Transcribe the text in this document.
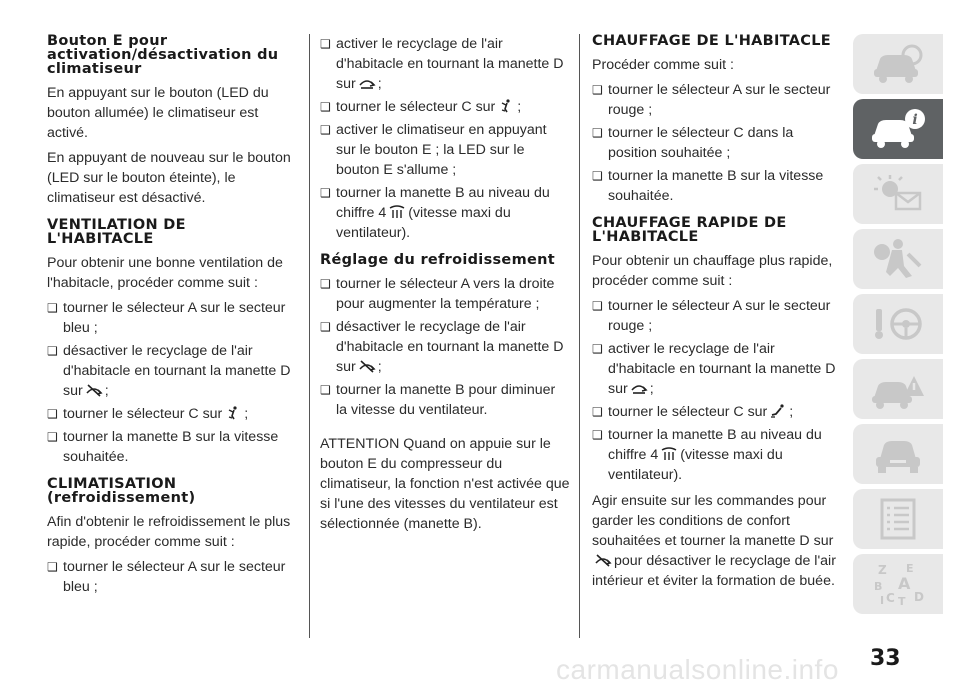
Bouton E pour activation/désactivation du climatiseur

En appuyant sur le bouton (LED du bouton allumée) le climatiseur est activé.

En appuyant de nouveau sur le bouton (LED sur le bouton éteinte), le climatiseur est désactivé.

VENTILATION DE L'HABITACLE

Pour obtenir une bonne ventilation de l'habitacle, procéder comme suit :

❑ tourner le sélecteur A sur le secteur bleu ;
❑ désactiver le recyclage de l'air d'habitacle en tournant la manette D sur ;
❑ tourner le sélecteur C sur ;
❑ tourner la manette B sur la vitesse souhaitée.
CLIMATISATION (refroidissement)

Afin d'obtenir le refroidissement le plus rapide, procéder comme suit :

❑ tourner le sélecteur A sur le secteur bleu ;
❑ activer le recyclage de l'air d'habitacle en tournant la manette D sur ;
❑ tourner le sélecteur C sur ;
❑ activer le climatiseur en appuyant sur le bouton E ; la LED sur le bouton E s'allume ;
❑ tourner la manette B au niveau du chiffre 4 (vitesse maxi du ventilateur).
Réglage du refroidissement
❑ tourner le sélecteur A vers la droite pour augmenter la température ;
❑ désactiver le recyclage de l'air d'habitacle en tournant la manette D sur ;
❑ tourner la manette B pour diminuer la vitesse du ventilateur.

ATTENTION Quand on appuie sur le bouton E du compresseur du climatiseur, la fonction n'est activée que si l'une des vitesses du ventilateur est sélectionnée (manette B).

CHAUFFAGE DE L'HABITACLE

Procéder comme suit :

❑ tourner le sélecteur A sur le secteur rouge ;
❑ tourner le sélecteur C dans la position souhaitée ;
❑ tourner la manette B sur la vitesse souhaitée.
CHAUFFAGE RAPIDE DE L'HABITACLE

Pour obtenir un chauffage plus rapide, procéder comme suit :

❑ tourner le sélecteur A sur le secteur rouge ;
❑ activer le recyclage de l'air d'habitacle en tournant la manette D sur ;
❑ tourner le sélecteur C sur ;
❑ tourner la manette B au niveau du chiffre 4 (vitesse maxi du ventilateur).

Agir ensuite sur les commandes pour garder les conditions de confort souhaitées et tourner la manette D sur
pour désactiver le recyclage de l'air intérieur et éviter la formation de buée.

i
Z E
B A
I C T D
carmanualsonline.info 33
